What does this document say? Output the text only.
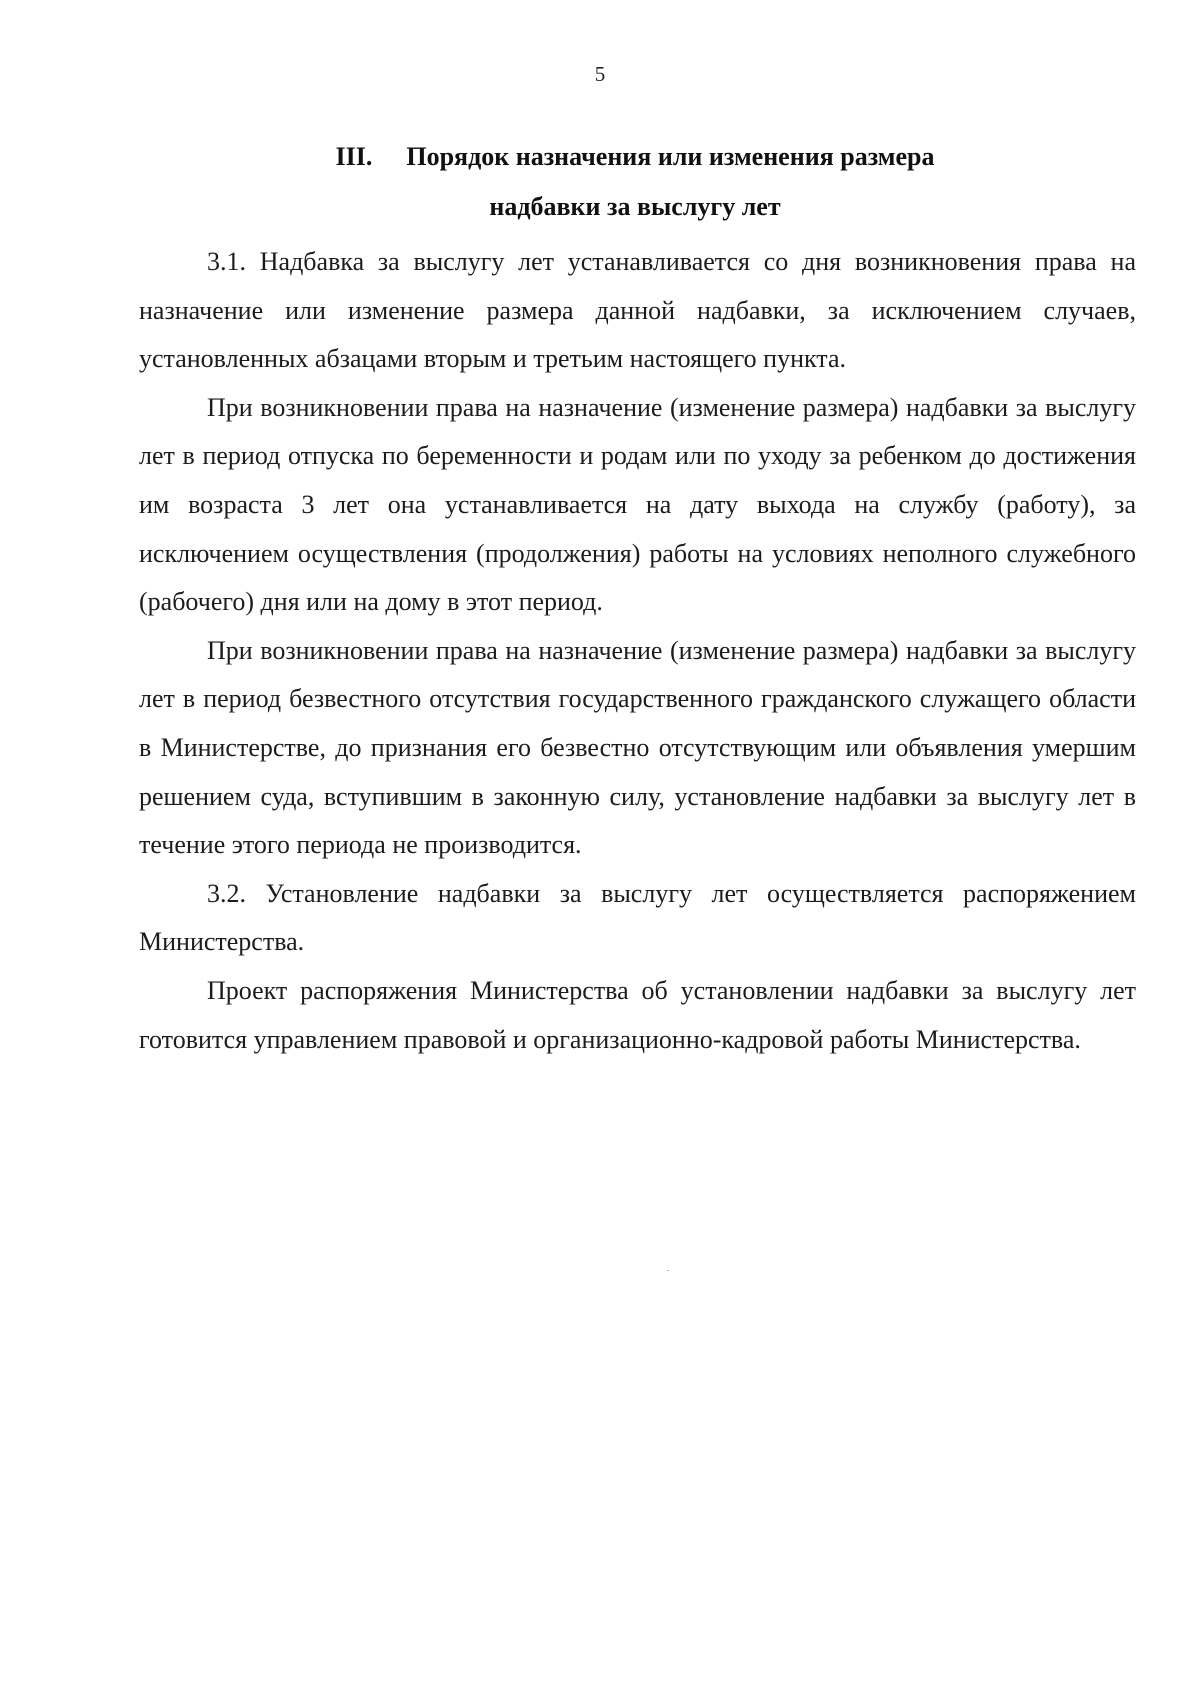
5
III. Порядок назначения или изменения размера
надбавки за выслугу лет

3.1. Надбавка за выслугу лет устанавливается со дня возникновения права на назначение или изменение размера данной надбавки, за исключением случаев, установленных абзацами вторым и третьим настоящего пункта.

При возникновении права на назначение (изменение размера) надбавки за выслугу лет в период отпуска по беременности и родам или по уходу за ребенком до достижения им возраста 3 лет она устанавливается на дату выхода на службу (работу), за исключением осуществления (продолжения) работы на условиях неполного служебного (рабочего) дня или на дому в этот период.

При возникновении права на назначение (изменение размера) надбавки за выслугу лет в период безвестного отсутствия государственного гражданского служащего области в Министерстве, до признания его безвестно отсутствующим или объявления умершим решением суда, вступившим в законную силу, установление надбавки за выслугу лет в течение этого периода не производится.

3.2. Установление надбавки за выслугу лет осуществляется распоряжением Министерства.

Проект распоряжения Министерства об установлении надбавки за выслугу лет готовится управлением правовой и организационно-кадровой работы Министерства.
